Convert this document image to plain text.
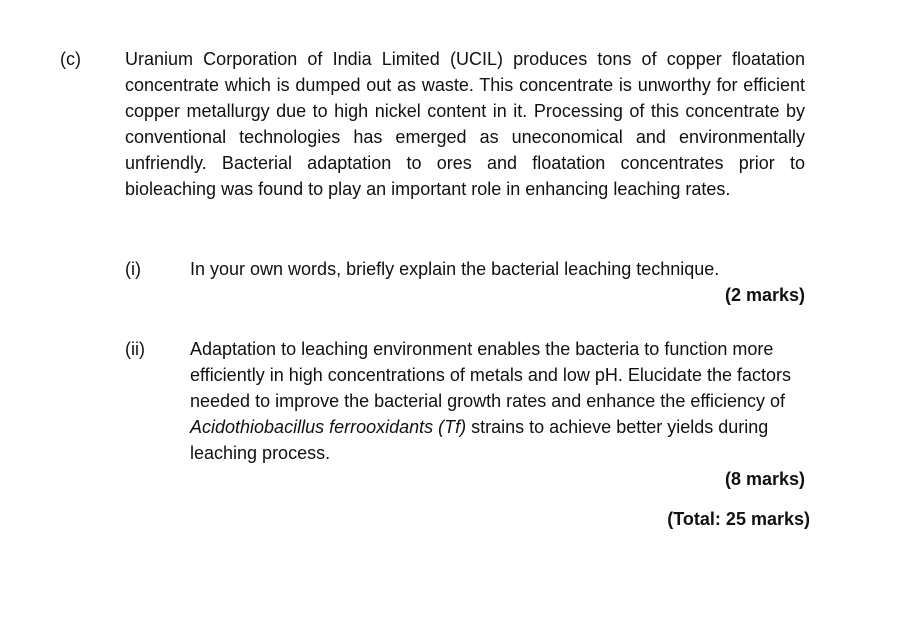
(c) Uranium Corporation of India Limited (UCIL) produces tons of copper floatation concentrate which is dumped out as waste. This concentrate is unworthy for efficient copper metallurgy due to high nickel content in it. Processing of this concentrate by conventional technologies has emerged as uneconomical and environmentally unfriendly. Bacterial adaptation to ores and floatation concentrates prior to bioleaching was found to play an important role in enhancing leaching rates.
(i)	In your own words, briefly explain the bacterial leaching technique.
(2 marks)
(ii)	Adaptation to leaching environment enables the bacteria to function more efficiently in high concentrations of metals and low pH. Elucidate the factors needed to improve the bacterial growth rates and enhance the efficiency of Acidothiobacillus ferrooxidants (Tf) strains to achieve better yields during leaching process.
(8 marks)
(Total: 25 marks)
